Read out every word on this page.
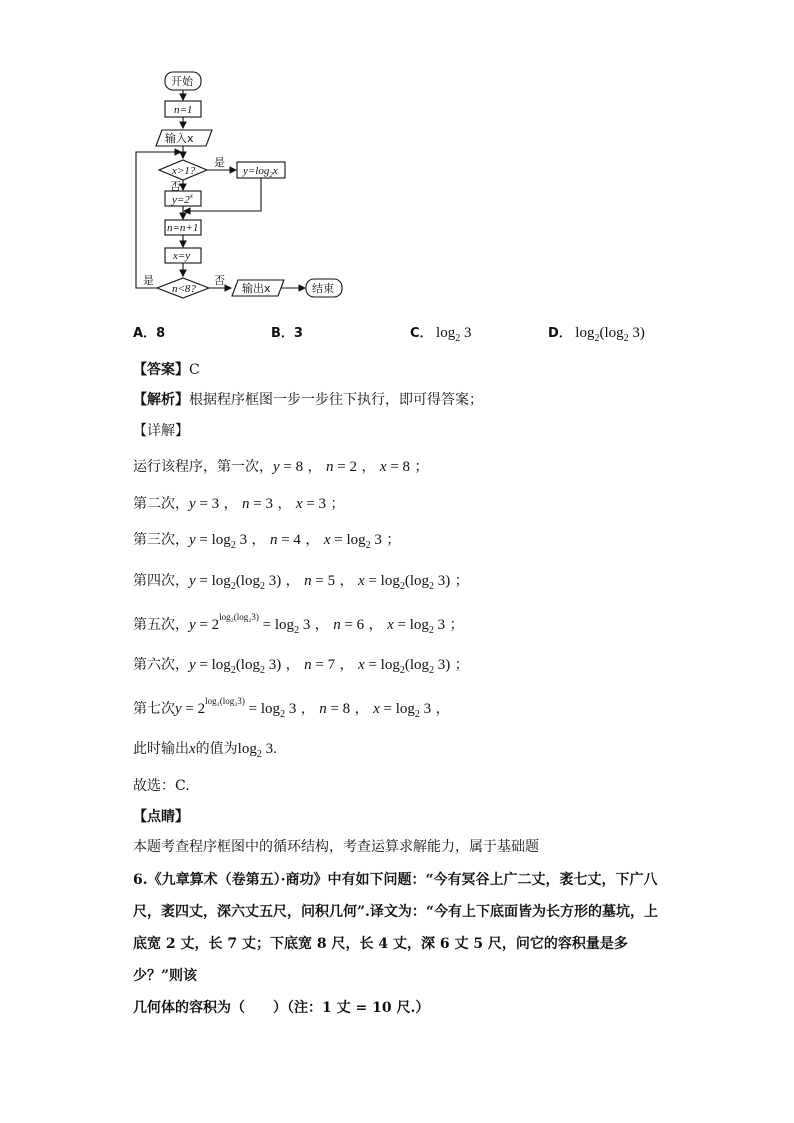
开始
n=1
输入x
x>1?
是
否
$y=\log_2x$
$y=2^x$
n=n+1
x=y
n<8?
是	否
输出x	结束
A．8	B．3	C． $\log_2 3$	D． $\log_2(\log_2$ 3)
【答案】C
【解析】根据程序框图一步一步往下执行，即可得答案；
【详解】
运行该程序，第一次，y = 8 ， n = 2 ， x = 8 ；
第二次，y = 3 ， n = 3 ， x = 3 ；
第三次，$y = \log_2 3$ ， n = 4 ， $x = \log_2 3$ ；
第四次，$y = \log_2(\log_2$ 3) ， n = 5 ， $x = \log_2(\log_2$ 3) ；
第五次，$y = 2^{log_2(log_23)} = \log_2 3$ ， n = 6 ， $x = \log_2 3$ ；
第六次，$y = \log_2(\log_2$ 3) ， n = 7 ， $x = \log_2(\log_2$ 3) ；
第七次$y = 2^{log_2(log_23)} = \log_2 3$ ， n = 8 ， $x = \log_2 3$ ，
此时输出x的值为$\log_2 3$.
故选：C.
【点睛】
本题考查程序框图中的循环结构，考查运算求解能力，属于基础题
6.《九章算术（卷第五）·商功》中有如下问题：“今有冥谷上广二丈，袤七丈，下广八
尺，袤四丈，深六丈五尺，问积几何”.译文为：“今有上下底面皆为长方形的墓坑，上
底宽 2 丈，长 7 丈；下底宽 8 尺，长 4 丈，深 6 丈 5 尺，问它的容积量是多少？”则该
几何体的容积为（　　）（注：1 丈 = 10 尺.）
